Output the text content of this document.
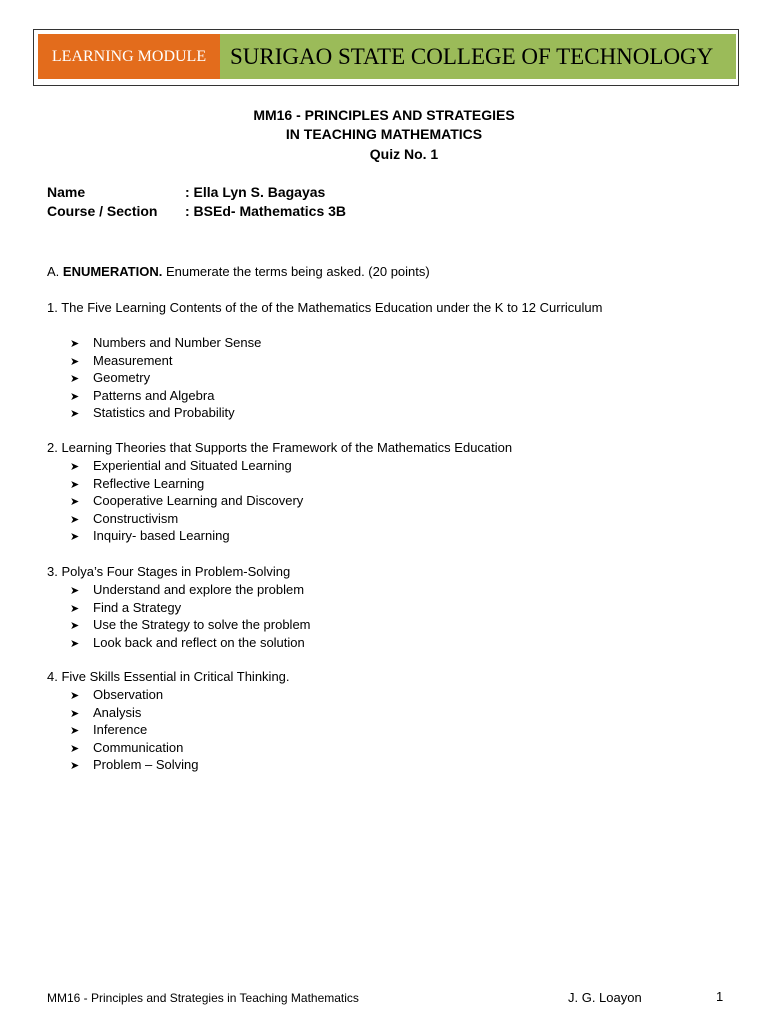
LEARNING MODULE	SURIGAO STATE COLLEGE OF TECHNOLOGY
MM16 - PRINCIPLES AND STRATEGIES
IN TEACHING MATHEMATICS
Quiz No. 1
Name	: Ella Lyn S. Bagayas
Course / Section : BSEd- Mathematics 3B
A. ENUMERATION. Enumerate the terms being asked. (20 points)
1. The Five Learning Contents of the of the Mathematics Education under the K to 12 Curriculum
➤ Numbers and Number Sense
➤ Measurement
➤ Geometry
➤ Patterns and Algebra
➤ Statistics and Probability
2. Learning Theories that Supports the Framework of the Mathematics Education
➤ Experiential and Situated Learning
➤ Reflective Learning
➤ Cooperative Learning and Discovery
➤ Constructivism
➤ Inquiry- based Learning
3. Polya’s Four Stages in Problem-Solving
➤ Understand and explore the problem
➤ Find a Strategy
➤ Use the Strategy to solve the problem
➤ Look back and reflect on the solution
4. Five Skills Essential in Critical Thinking.
➤ Observation
➤ Analysis
➤ Inference
➤ Communication
➤ Problem – Solving
MM16 - Principles and Strategies in Teaching Mathematics	J. G. Loayon	1
